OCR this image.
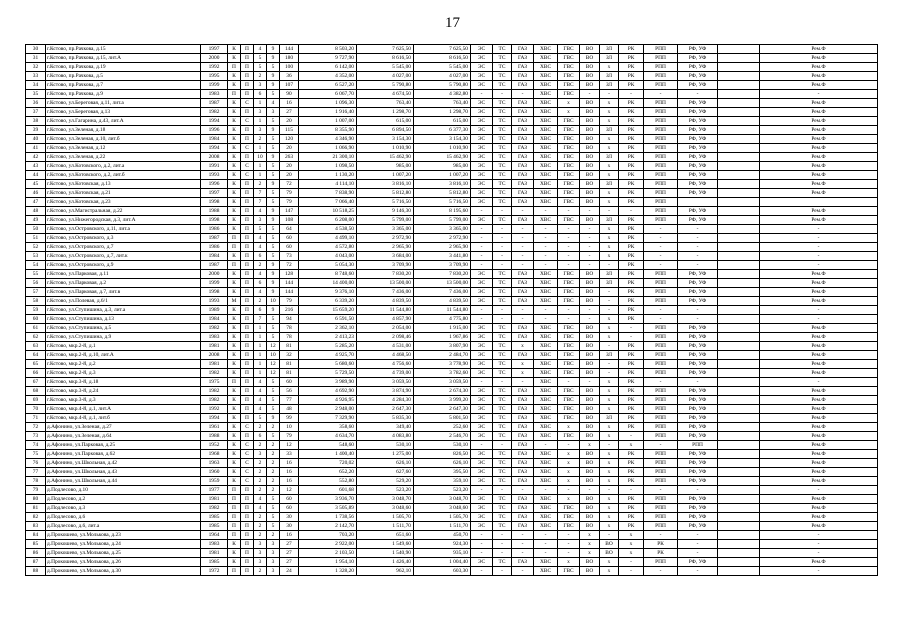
17
30	г.Кстово, пр.Рачкова, д.15	1997	К	П	4	9	144	8 503,20	7 625,50	7 625,50	ЭС	ТС	ГАЗ	ХВС	ГВС	ВО	ЗЛ	РК	РПП	РФ, УФ		Рем.Ф
31	г.Кстово, пр.Рачкова, д.15, лит.А	2000	К	П	5	9	180	9 727,90	8 616,50	8 616,50	ЭС	ТС	ГАЗ	ХВС	ГВС	ВО	ЗЛ	РК	РПП	РФ, УФ		Рем.Ф
32	г.Кстово, пр.Рачкова, д.19	1992	П	П	5	5	100	6 142,00	5 545,00	5 545,00	ЭС	ТС	ГАЗ	ХВС	ГВС	ВО	х	РК	РПП	РФ, УФ		Рем.Ф
33	г.Кстово, пр.Рачкова, д.5	1995	К	П	2	9	36	4 352,00	4 027,00	4 027,00	ЭС	ТС	ГАЗ	ХВС	ГВС	ВО	ЗЛ	РК	РПП	РФ, УФ		Рем.Ф
34	г.Кстово, пр.Рачкова, д.7	1999	К	П	3	9	107	6 527,20	5 790,80	5 790,80	ЭС	ТС	ГАЗ	ХВС	ГВС	ВО	ЗЛ	РК	РПП	РФ, УФ		Рем.Ф
35	г.Кстово, пр.Рачкова, д.9	1983	П	П	6	5	90	6 067,70	4 674,50	4 382,80	-	-	-	ХВС	ГВС	-	-	-	-	-		-
36	г.Кстово, ул.Береговая, д.11, лит.а	1987	К	С	1	4	16	1 096,30	763,40	763,40	ЭС	ТС	ГАЗ	ХВС	х	ВО	х	РК	РПП	РФ, УФ		Рем.Ф
37	г.Кстово, ул.Береговая, д.13	1982	К	П	3	3	27	1 916,40	1 298,70	1 298,70	ЭС	ТС	ГАЗ	ХВС	х	ВО	х	РК	РПП	РФ, УФ		Рем.Ф
38	г.Кстово, ул.Гагарина, д.43, лит.А	1994	К	С	1	5	20	1 007,00	615,00	615,00	ЭС	ТС	ГАЗ	ХВС	ГВС	ВО	х	РК	РПП	РФ, УФ		Рем.Ф
39	г.Кстово, ул.Зеленая, д.18	1996	К	П	3	9	115	8 355,90	6 894,50	6 377,30	ЭС	ТС	ГАЗ	ХВС	ГВС	ВО	ЗЛ	РК	РПП	РФ, УФ		Рем.Ф
40	г.Кстово, ул.Зеленая, д.10, лит.б	1984	К	П	2	5	120	4 346,90	3 154,30	3 154,30	ЭС	ТС	ГАЗ	ХВС	ГВС	ВО	х	РК	РПП	РФ, УФ		Рем.Ф
41	г.Кстово, ул.Зеленая, д.12	1994	К	С	1	5	20	1 066,90	1 010,90	1 010,90	ЭС	ТС	ГАЗ	ХВС	ГВС	ВО	х	РК	РПП	РФ, УФ		Рем.Ф
42	г.Кстово, ул.Зеленая, д.22	2008	К	П	10	9	263	21 300,10	15 462,90	15 462,90	ЭС	ТС	ГАЗ	ХВС	ГВС	ВО	ЗЛ	РК	РПП	РФ, УФ		Рем.Ф
43	г.Кстово, ул.Котовского, д.2, лит.а	1991	К	С	1	5	20	1 098,50	985,00	985,00	ЭС	ТС	ГАЗ	ХВС	ГВС	ВО	х	РК	РПП	РФ, УФ		Рем.Ф
44	г.Кстово, ул.Котовского, д.2, лит.б	1993	К	С	1	5	20	1 130,20	1 007,20	1 007,20	ЭС	ТС	ГАЗ	ХВС	ГВС	ВО	х	РК	РПП	РФ, УФ		Рем.Ф
45	г.Кстово, ул.Котовская, д.13	1996	К	П	2	9	72	4 114,10	3 816,10	3 816,10	ЭС	ТС	ГАЗ	ХВС	ГВС	ВО	ЗЛ	РК	РПП	РФ, УФ		Рем.Ф
46	г.Кстово, ул.Котовская, д.21	1997	К	П	7	5	79	7 838,90	5 812,80	5 812,80	ЭС	ТС	ГАЗ	ХВС	ГВС	ВО	х	РК	РПП	РФ, УФ		Рем.Ф
47	г.Кстово, ул.Котовская, д.23	1998	К	П	7	5	79	7 066,40	5 716,50	5 716,50	ЭС	ТС	ГАЗ	ХВС	ГВС	ВО	х	РК	РПП			
48	г.Кстово, ул.Магистральная, д.22	1988	К	П	4	9	147	10 518,25	9 146,30	8 195,60	-	-	-	-	-	-	-	-	РПП	РФ, УФ		Рем.Ф
49	г.Кстово, ул.Нижегородская, д.3, лит.А	1998	К	П	3	9	108	6 208,00	5 799,00	5 799,00	ЭС	ТС	ГАЗ	ХВС	ГВС	ВО	ЗЛ	РК	РПП	РФ, УФ		Рем.Ф
50	г.Кстово, ул.Островского, д.11, лит.а	1986	К	П	5	5	64	4 538,50	3 365,00	3 365,00	-	-	-	-	-	-	х	РК	-	-		-
51	г.Кстово, ул.Островского, д.3	1987	П	П	4	5	60	4 499,10	2 972,90	2 972,90	-	-	-	-	-	-	х	РК	-	-		-
52	г.Кстово, ул.Островского, д.7	1986	П	П	4	5	60	4 572,80	2 965,90	2 965,90	-	-	-	-	-	-	х	РК	-	-		-
53	г.Кстово, ул.Островского, д.7, лит.к	1984	К	П	6	5	73	4 043,00	3 684,00	3 441,80	-	-	-	-	-	-	х	РК	-	-		-
54	г.Кстово, ул.Островского, д.9	1987	П	П	2	9	72	5 054,30	3 709,90	3 709,90	-	-	-	-	-	-	-	РК	-	-		-
55	г.Кстово, ул.Парковая, д.11	2000	К	П	4	9	128	8 748,60	7 830,20	7 830,20	ЭС	ТС	ГАЗ	ХВС	ГВС	ВО	ЗЛ	РК	РПП	РФ, УФ		Рем.Ф
56	г.Кстово, ул.Парковая, д.2	1999	К	П	6	9	144	14 400,00	13 500,00	13 500,00	ЭС	ТС	ГАЗ	ХВС	ГВС	ВО	ЗЛ	РК	РПП	РФ, УФ		Рем.Ф
57	г.Кстово, ул.Парковая, д.7, лит.в	1998	К	П	4	9	144	9 376,10	7 436,00	7 436,00	ЭС	ТС	ГАЗ	ХВС	ГВС	ВО	-	РК	РПП	РФ, УФ		Рем.Ф
58	г.Кстово, ул.Полевая, д.6/1	1993	М	П	2	10	79	6 339,20	4 839,50	4 839,50	ЭС	ТС	ГАЗ	ХВС	ГВС	ВО	-	РК	РПП	РФ, УФ		Рем.Ф
59	г.Кстово, ул.Ступишина, д.3, лит.а	1989	К	П	6	9	216	15 659,20	11 544,80	11 544,80	-	-	-	-	-	-	-	РК	-	-		-
60	г.Кстово, ул.Ступишина, д.13	1984	К	П	7	5	94	6 591,50	4 857,90	4 775,80	-	-	-	-	-	-	х	РК	-	-		-
61	г.Кстово, ул.Ступишина, д.5	1982	К	П	1	5	78	2 362,10	2 054,00	1 915,00	ЭС	ТС	ГАЗ	ХВС	ГВС	ВО	х	-	РПП	РФ, УФ		Рем.Ф
62	г.Кстово, ул.Ступишина, д.9	1983	К	П	1	5	78	2 413,23	2 098,46	1 967,86	ЭС	ТС	ГАЗ	ХВС	ГВС	ВО	х	-	РПП	РФ, УФ		Рем.Ф
63	г.Кстово, мкр.2-й, д.1	1981	К	П	1	12	81	5 285,20	4 531,00	3 807,90	ЭС	ТС	х	ХВС	ГВС	ВО	-	РК	РПП	РФ, УФ		Рем.Ф
64	г.Кстово, мкр.2-й, д.10, лит.А	2008	К	П	1	10	32	4 925,70	4 468,50	2 484,70	ЭС	ТС	ГАЗ	ХВС	ГВС	ВО	ЗЛ	РК	РПП	РФ, УФ		Рем.Ф
65	г.Кстово, мкр.2-й, д.2	1981	К	П	1	12	81	5 680,60	4 756,60	3 778,90	ЭС	ТС	х	ХВС	ГВС	ВО	-	РК	РПП	РФ, УФ		Рем.Ф
66	г.Кстово, мкр.2-й, д.3	1982	К	П	1	12	81	5 729,50	4 739,00	3 782,60	ЭС	ТС	х	ХВС	ГВС	ВО	-	РК	РПП	РФ, УФ		Рем.Ф
67	г.Кстово, мкр.3-й, д.18	1975	П	П	4	5	60	3 989,90	3 059,50	3 059,50	-	-	-	ХВС	-	-	х	РК	-	-		-
68	г.Кстово, мкр.3-й, д.24	1982	К	П	4	5	56	4 692,90	3 874,90	2 674,30	ЭС	ТС	ГАЗ	ХВС	ГВС	ВО	х	РК	РПП	РФ, УФ		Рем.Ф
69	г.Кстово, мкр.3-й, д.3	1982	К	П	4	5	77	4 926,95	4 284,30	3 999,20	ЭС	ТС	ГАЗ	ХВС	ГВС	ВО	х	РК	РПП	РФ, УФ		Рем.Ф
70	г.Кстово, мкр.4-й, д.1, лит.А	1992	К	П	4	5	48	2 948,00	2 647,30	2 647,30	ЭС	ТС	ГАЗ	ХВС	ГВС	ВО	х	РК	РПП	РФ, УФ		Рем.Ф
71	г.Кстово, мкр.4-й, д.1, лит.б	1994	К	П	5	9	99	7 329,90	5 835,30	5 801,50	ЭС	ТС	ГАЗ	ХВС	ГВС	ВО	ЗЛ	РК	РПП	РФ, УФ		Рем.Ф
72	д.Афонино, ул.Зеленая, д.27	1961	К	С	2	2	10	358,60	349,40	252,60	ЭС	ТС	ГАЗ	ХВС	х	ВО	х	РК	РПП	РФ, УФ		Рем.Ф
73	д.Афонино, ул.Зеленая, д.64	1988	К	П	6	5	79	4 634,70	4 083,80	2 546,70	ЭС	ТС	ГАЗ	ХВС	ГВС	ВО	х	-	РПП	РФ, УФ		Рем.Ф
74	д.Афонино, ул.Парковая, д.25	1952	К	С	2	2	12	548,60	530,10	530,10	-	-	ГАЗ	-	-	х	-	х	-	РПП		Рем.Ф
75	д.Афонино, ул.Парковая, д.62	1968	К	С	3	2	33	1 400,40	1 275,00	826,50	ЭС	ТС	ГАЗ	ХВС	х	ВО	х	РК	РПП	РФ, УФ		Рем.Ф
76	д.Афонино, ул.Школьная, д.42	1963	К	С	2	2	16	720,02	626,10	626,10	ЭС	ТС	ГАЗ	ХВС	х	ВО	х	РК	РПП	РФ, УФ		Рем.Ф
77	д.Афонино, ул.Школьная, д.43	1960	К	С	2	2	16	652,20	627,60	395,50	ЭС	ТС	ГАЗ	ХВС	х	ВО	х	РК	РПП	РФ, УФ		Рем.Ф
78	д.Афонино, ул.Школьная, д.44	1959	К	С	2	2	16	552,80	529,20	359,10	ЭС	ТС	ГАЗ	ХВС	х	ВО	х	РК	РПП	РФ, УФ		Рем.Ф
79	д.Подлесово, д.10	1977	П	П	2	2	12	601,68	523,20	523,20	-	-	-	-	-	-	-	-	-	-		-
80	д.Подлесово, д.2	1981	П	П	4	5	60	3 936,70	3 048,70	3 048,70	ЭС	ТС	ГАЗ	ХВС	х	ВО	х	РК	РПП	РФ, УФ		Рем.Ф
81	д.Подлесово, д.3	1982	П	П	4	5	60	3 505,89	3 048,60	3 048,60	ЭС	ТС	ГАЗ	ХВС	ГВС	ВО	х	РК	РПП	РФ, УФ		Рем.Ф
82	д.Подлесово, д.6	1985	П	П	2	5	30	1 738,56	1 505,70	1 505,70	ЭС	ТС	ГАЗ	ХВС	ГВС	ВО	х	РК	РПП	РФ, УФ		Рем.Ф
83	д.Подлесово, д.6, лит.а	1985	П	П	2	5	30	2 142,70	1 511,70	1 511,70	ЭС	ТС	ГАЗ	ХВС	ГВС	ВО	х	РК	РПП	РФ, УФ		Рем.Ф
84	д.Прокошево, ул.Молькова, д.23	1964	П	П	2	2	16	703,20	651,60	450,70	-	-	-	-	-	х	-	х	-	-		-
85	д.Прокошево, ул.Молькова, д.24	1983	К	П	3	3	27	2 922,00	1 549,60	924,30	-	-	-	-	-	х	ВО	х	РК	-		-
86	д.Прокошево, ул.Молькова, д.25	1981	К	П	3	3	27	2 103,50	1 540,90	935,10	-	-	-	-	-	х	ВО	х	РК	-		-
87	д.Прокошево, ул.Молькова, д.26	1985	К	П	3	3	27	1 954,10	1 426,40	1 004,40	ЭС	ТС	ГАЗ	ХВС	х	ВО	х	-	РПП	РФ, УФ		Рем.Ф
88	д.Прокошево, ул.Молькова, д.30	1972	П	П	2	3	24	1 328,20	962,10	603,30	-	-	-	ХВС	ГВС	ВО	х	-	-	-		-
